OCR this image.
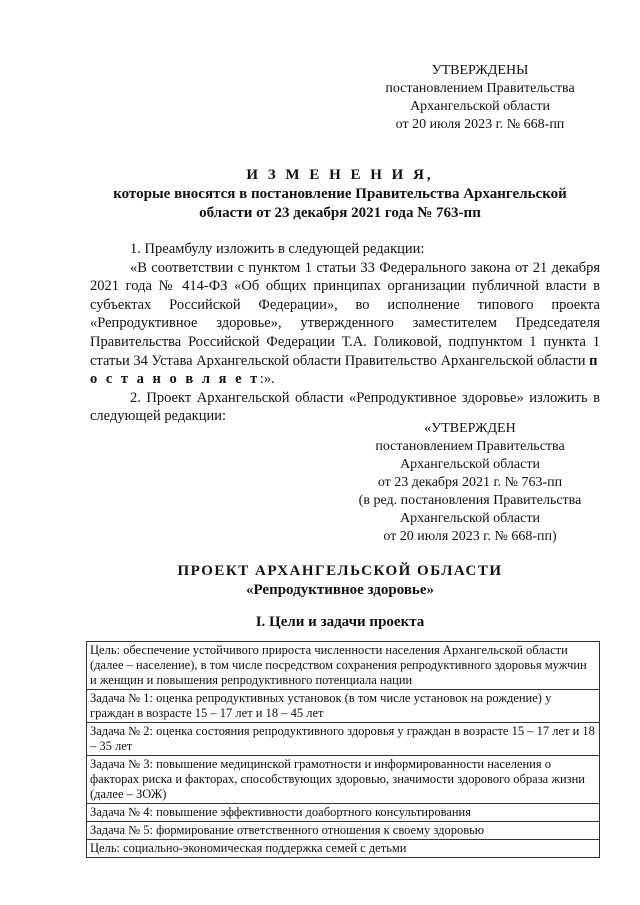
УТВЕРЖДЕНЫ
постановлением Правительства
Архангельской области
от 20 июля 2023 г. № 668-пп
И З М Е Н Е Н И Я,
которые вносятся в постановление Правительства Архангельской
области от 23 декабря 2021 года № 763-пп

1. Преамбулу изложить в следующей редакции:

«В соответствии с пунктом 1 статьи 33 Федерального закона от 21 декабря 2021 года № 414-ФЗ «Об общих принципах организации публичной власти в субъектах Российской Федерации», во исполнение типового проекта «Репродуктивное здоровье», утвержденного заместителем Председателя Правительства Российской Федерации Т.А. Голиковой, подпунктом 1 пункта 1 статьи 34 Устава Архангельской области Правительство Архангельской области п о с т а н о в л я е т:».

2. Проект Архангельской области «Репродуктивное здоровье» изложить в следующей редакции:

«УТВЕРЖДЕН
постановлением Правительства
Архангельской области
от 23 декабря 2021 г. № 763-пп
(в ред. постановления Правительства
Архангельской области
от 20 июля 2023 г. № 668-пп)
ПРОЕКТ АРХАНГЕЛЬСКОЙ ОБЛАСТИ
«Репродуктивное здоровье»
I. Цели и задачи проекта
Цель: обеспечение устойчивого прироста численности населения Архангельской области (далее – население), в том числе посредством сохранения репродуктивного здоровья мужчин и женщин и повышения репродуктивного потенциала нации
Задача № 1: оценка репродуктивных установок (в том числе установок на рождение) у граждан в возрасте 15 – 17 лет и 18 – 45 лет
Задача № 2: оценка состояния репродуктивного здоровья у граждан в возрасте 15 – 17 лет и 18 – 35 лет
Задача № 3: повышение медицинской грамотности и информированности населения о факторах риска и факторах, способствующих здоровью, значимости здорового образа жизни (далее – ЗОЖ)
Задача № 4: повышение эффективности доабортного консультирования
Задача № 5: формирование ответственного отношения к своему здоровью
Цель: социально-экономическая поддержка семей с детьми
